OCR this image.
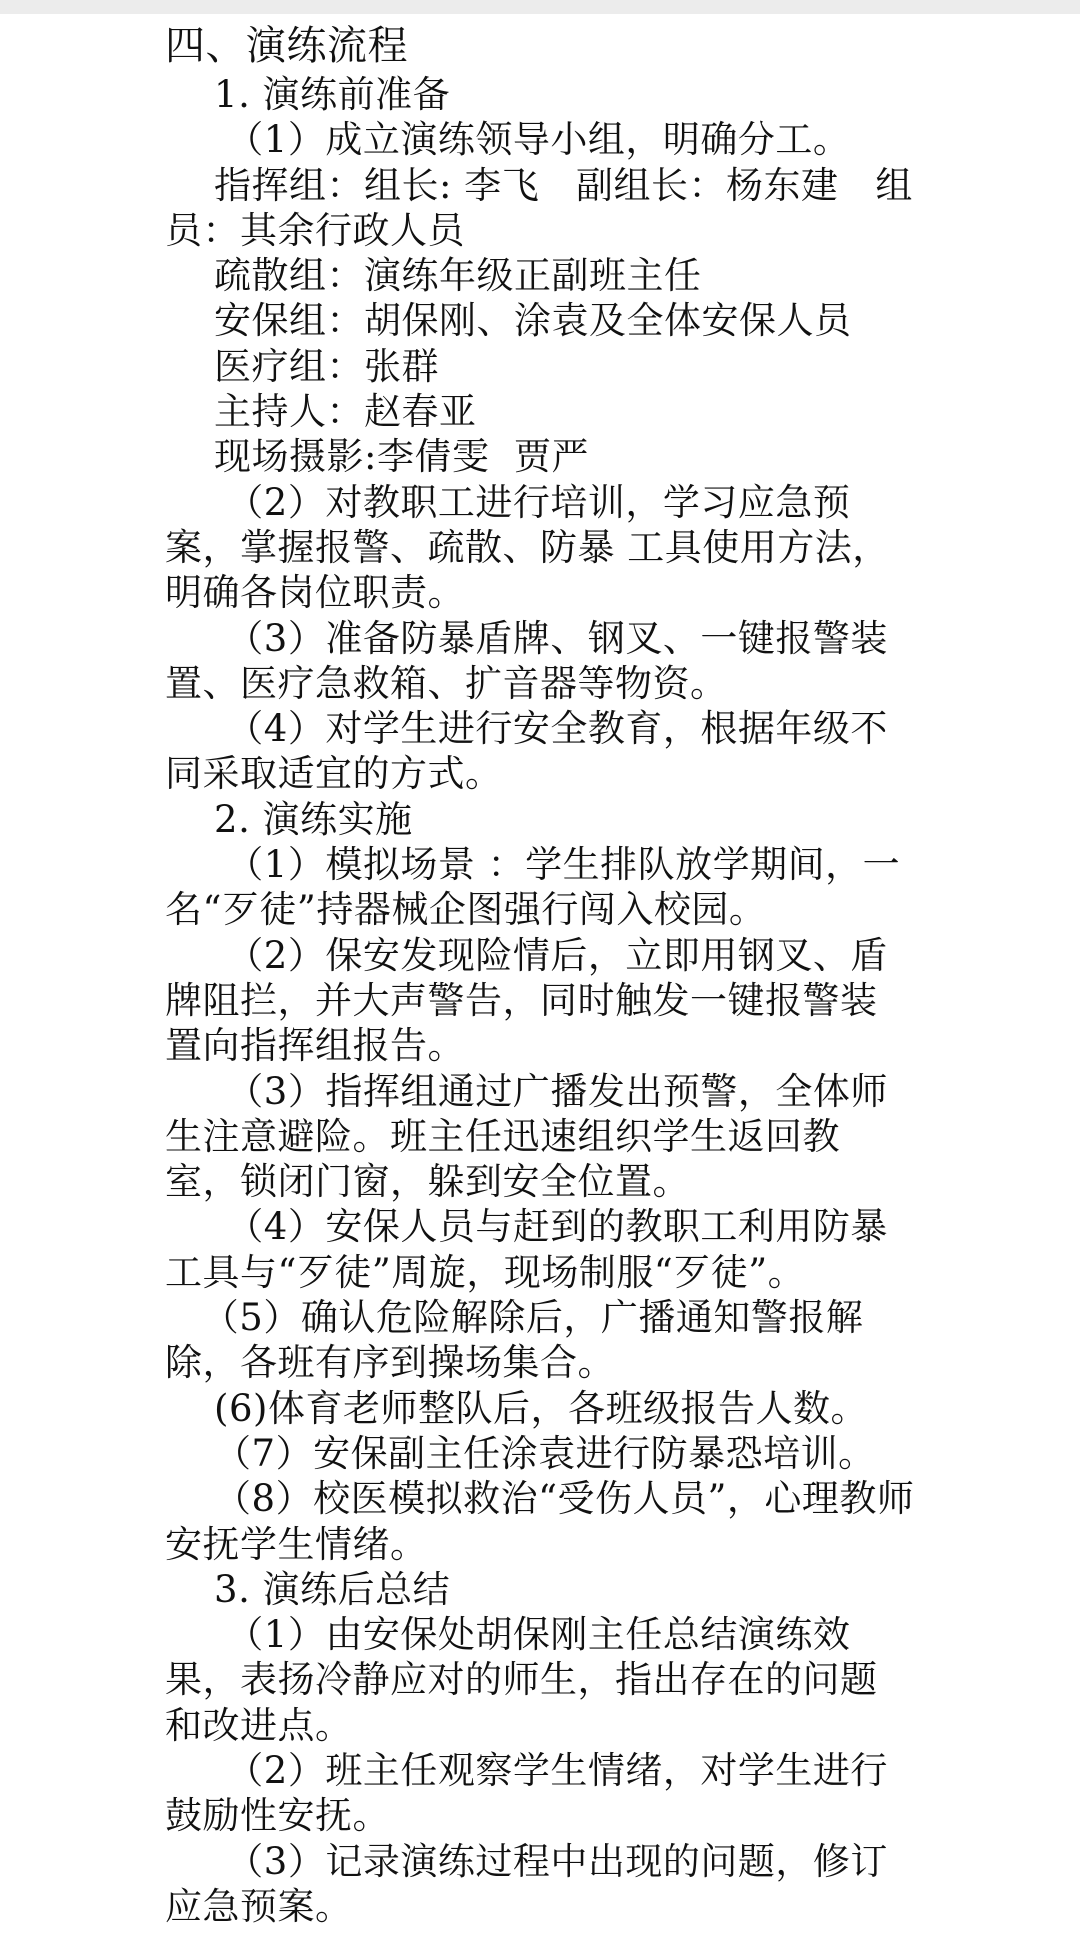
四、演练流程

1. 演练前准备

（1）成立演练领导小组，明确分工。

指挥组：组长: 李飞   副组长：杨东建   组

员：其余行政人员

疏散组：演练年级正副班主任

安保组：胡保刚、涂袁及全体安保人员

医疗组：张群

主持人：赵春亚

现场摄影:李倩雯  贾严

（2）对教职工进行培训，学习应急预

案，掌握报警、疏散、防暴 工具使用方法，

明确各岗位职责。

（3）准备防暴盾牌、钢叉、一键报警装

置、医疗急救箱、扩音器等物资。

（4）对学生进行安全教育，根据年级不

同采取适宜的方式。

2. 演练实施

（1）模拟场景 ：学生排队放学期间，一

名“歹徒”持器械企图强行闯入校园。

（2）保安发现险情后，立即用钢叉、盾

牌阻拦，并大声警告，同时触发一键报警装

置向指挥组报告。

（3）指挥组通过广播发出预警，全体师

生注意避险。班主任迅速组织学生返回教

室，锁闭门窗，躲到安全位置。

（4）安保人员与赶到的教职工利用防暴

工具与“歹徒”周旋，现场制服“歹徒”。

（5）确认危险解除后，广播通知警报解

除，各班有序到操场集合。

(6)体育老师整队后，各班级报告人数。

（7）安保副主任涂袁进行防暴恐培训。

（8）校医模拟救治“受伤人员”，心理教师

安抚学生情绪。

3. 演练后总结

（1）由安保处胡保刚主任总结演练效

果，表扬冷静应对的师生，指出存在的问题

和改进点。

（2）班主任观察学生情绪，对学生进行

鼓励性安抚。

（3）记录演练过程中出现的问题，修订

应急预案。
